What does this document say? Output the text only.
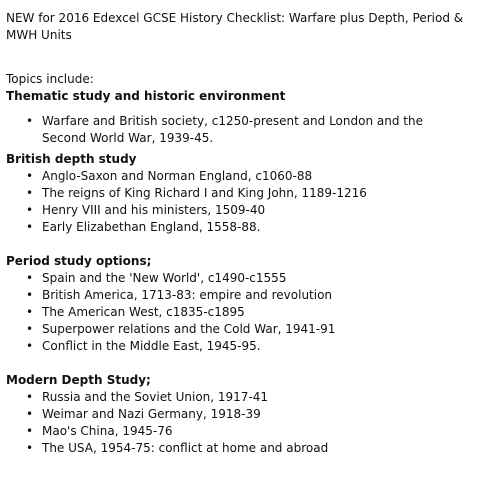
NEW for 2016 Edexcel GCSE History Checklist: Warfare plus Depth, Period & MWH Units

Topics include:
Thematic study and historic environment
• Warfare and British society, c1250-present and London and the Second World War, 1939-45.
British depth study
• Anglo-Saxon and Norman England, c1060-88
• The reigns of King Richard I and King John, 1189-1216
• Henry VIII and his ministers, 1509-40
• Early Elizabethan England, 1558-88.
Period study options;
• Spain and the 'New World', c1490-c1555
• British America, 1713-83: empire and revolution
• The American West, c1835-c1895
• Superpower relations and the Cold War, 1941-91
• Conflict in the Middle East, 1945-95.
Modern Depth Study;
• Russia and the Soviet Union, 1917-41
• Weimar and Nazi Germany, 1918-39
• Mao's China, 1945-76
• The USA, 1954-75: conflict at home and abroad
